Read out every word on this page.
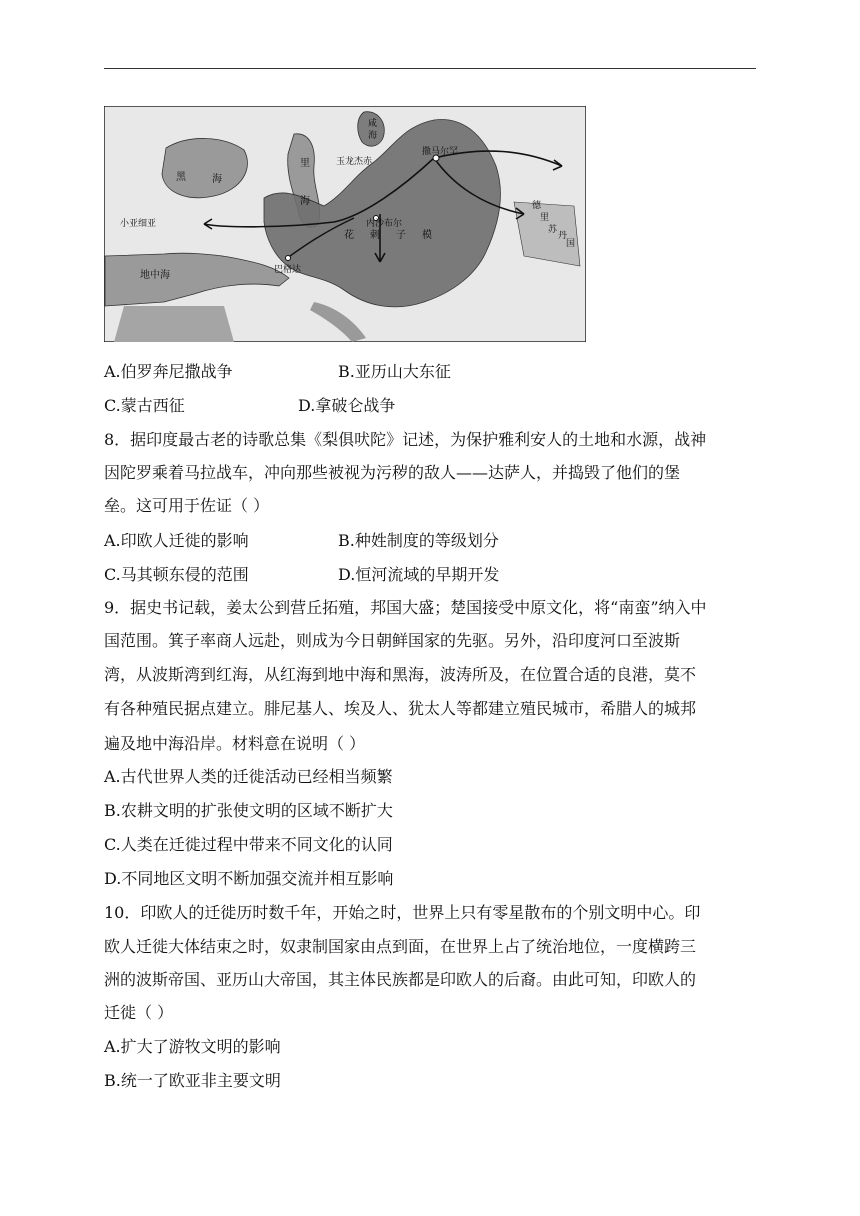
黑	海
里
海
咸
海
小亚细亚
地中海
花 剌 子 模
德
里
苏
丹
国
撒马尔罕
玉龙杰赤
巴格达
内沙布尔
A.伯罗奔尼撒战争	B.亚历山大东征
C.蒙古西征	D.拿破仑战争
8．据印度最古老的诗歌总集《梨俱吠陀》记述，为保护雅利安人的土地和水源，战神
因陀罗乘着马拉战车，冲向那些被视为污秽的敌人——达萨人，并捣毁了他们的堡
垒。这可用于佐证（ ）
A.印欧人迁徙的影响	B.种姓制度的等级划分
C.马其顿东侵的范围	D.恒河流域的早期开发
9．据史书记载，姜太公到营丘拓殖，邦国大盛；楚国接受中原文化，将“南蛮”纳入中
国范围。箕子率商人远赴，则成为今日朝鲜国家的先驱。另外，沿印度河口至波斯
湾，从波斯湾到红海，从红海到地中海和黑海，波涛所及，在位置合适的良港，莫不
有各种殖民据点建立。腓尼基人、埃及人、犹太人等都建立殖民城市，希腊人的城邦
遍及地中海沿岸。材料意在说明（ ）
A.古代世界人类的迁徙活动已经相当频繁
B.农耕文明的扩张使文明的区域不断扩大
C.人类在迁徙过程中带来不同文化的认同
D.不同地区文明不断加强交流并相互影响
10．印欧人的迁徙历时数千年，开始之时，世界上只有零星散布的个别文明中心。印
欧人迁徙大体结束之时，奴隶制国家由点到面，在世界上占了统治地位，一度横跨三
洲的波斯帝国、亚历山大帝国，其主体民族都是印欧人的后裔。由此可知，印欧人的
迁徙（ ）
A.扩大了游牧文明的影响
B.统一了欧亚非主要文明
